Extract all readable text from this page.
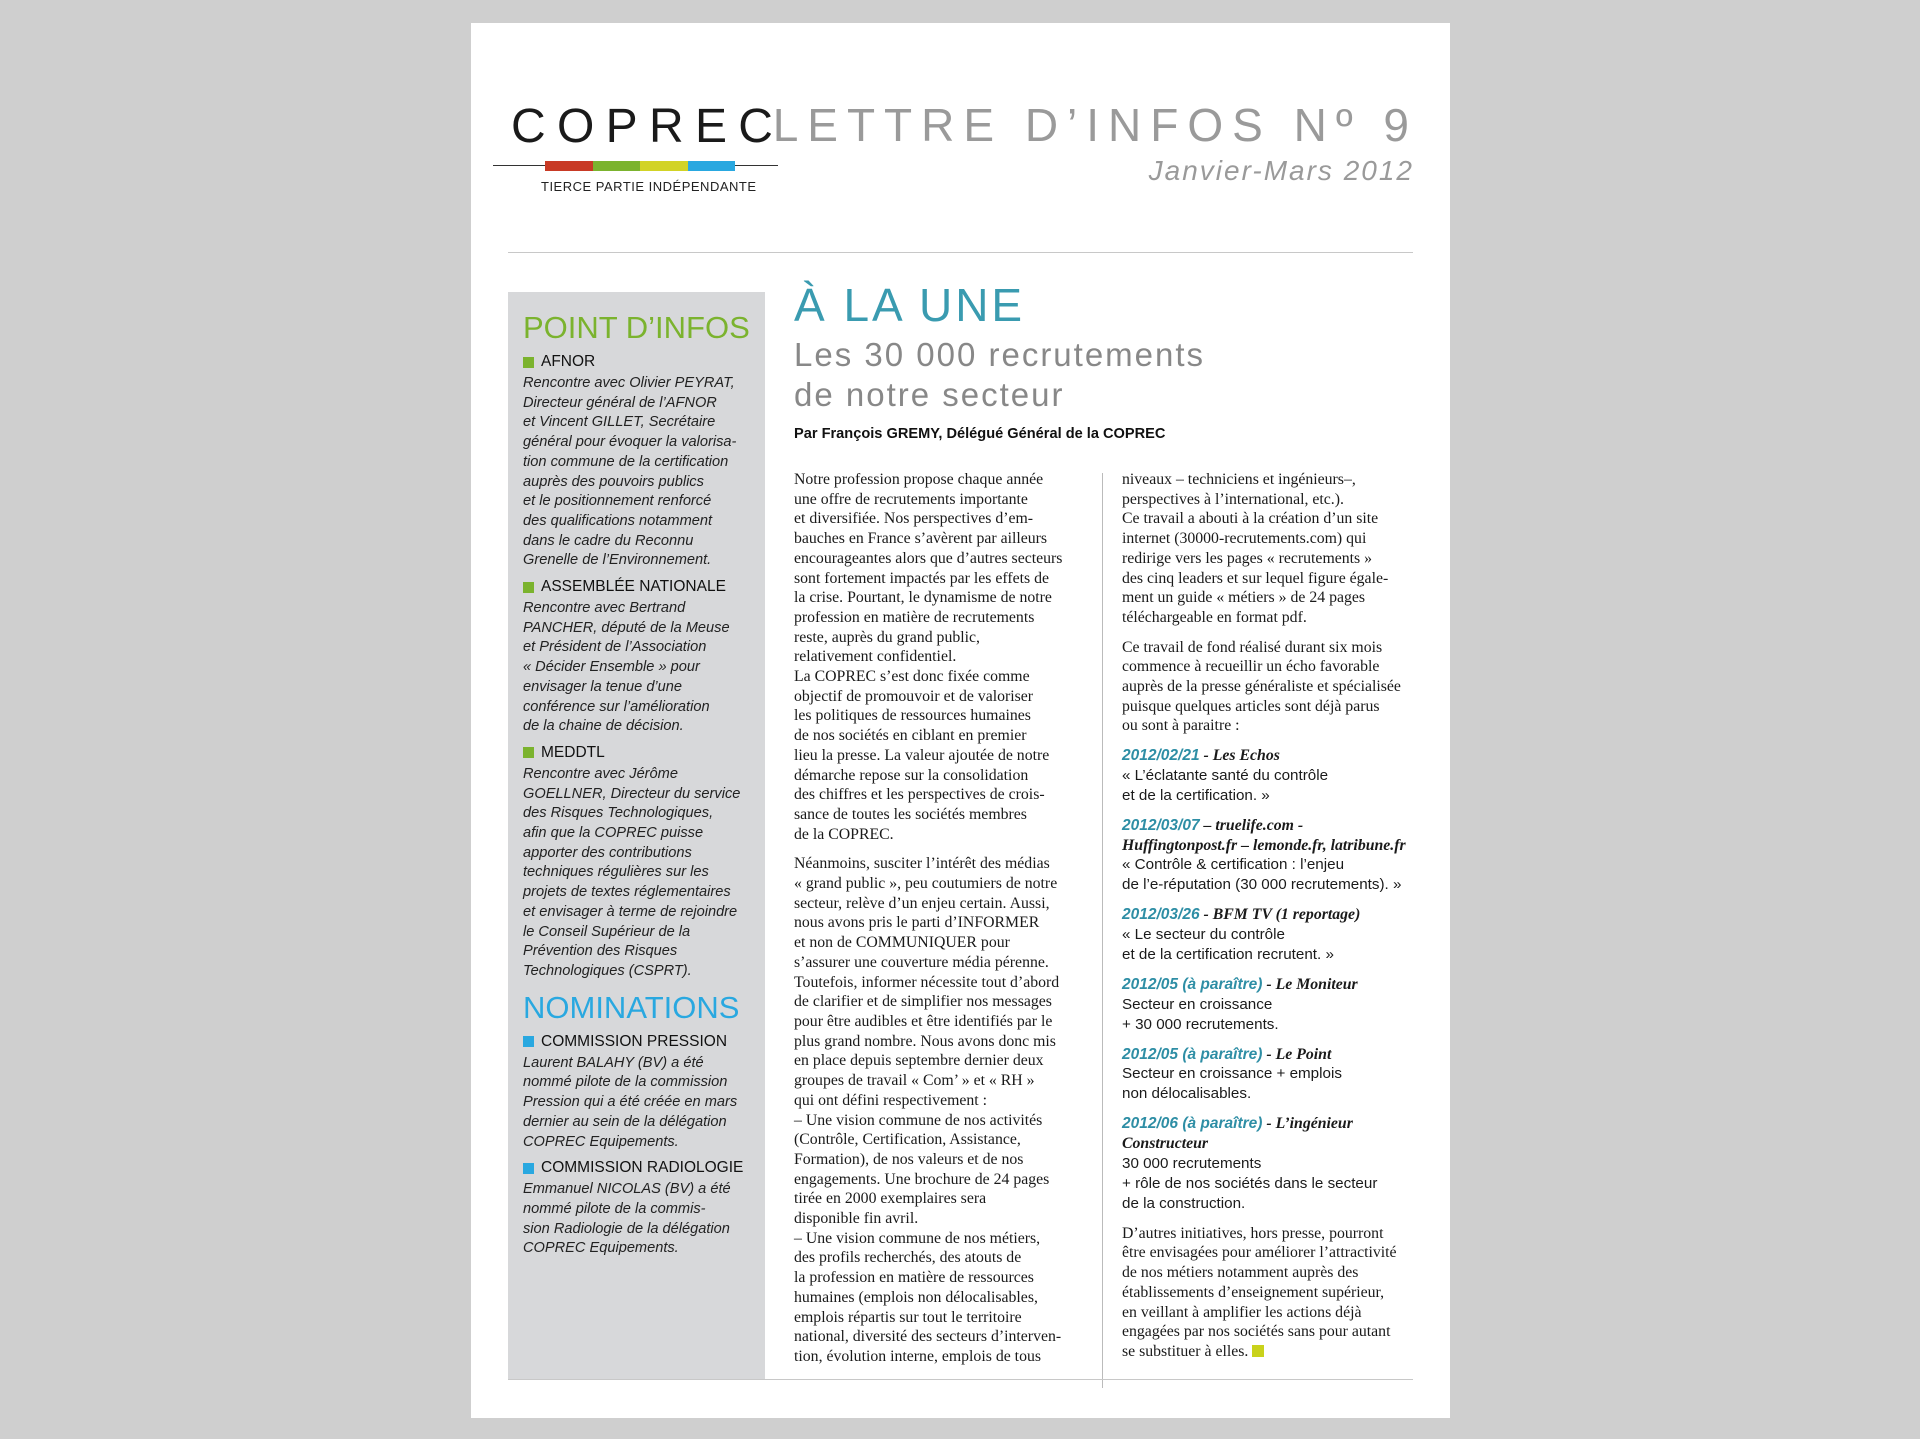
C O P R E C
TIERCE PARTIE INDÉPENDANTE
LETTRE D’INFOS Nº 9
Janvier-Mars 2012
POINT D’INFOS
AFNOR
Rencontre avec Olivier PEYRAT,
Directeur général de l’AFNOR
et Vincent GILLET, Secrétaire
général pour évoquer la valorisa-
tion commune de la certification
auprès des pouvoirs publics
et le positionnement renforcé
des qualifications notamment
dans le cadre du Reconnu
Grenelle de l’Environnement.
ASSEMBLÉE NATIONALE
Rencontre avec Bertrand
PANCHER, député de la Meuse
et Président de l’Association
« Décider Ensemble » pour
envisager la tenue d’une
conférence sur l’amélioration
de la chaine de décision.
MEDDTL
Rencontre avec Jérôme
GOELLNER, Directeur du service
des Risques Technologiques,
afin que la COPREC puisse
apporter des contributions
techniques régulières sur les
projets de textes réglementaires
et envisager à terme de rejoindre
le Conseil Supérieur de la
Prévention des Risques
Technologiques (CSPRT).
NOMINATIONS
COMMISSION PRESSION
Laurent BALAHY (BV) a été
nommé pilote de la commission
Pression qui a été créée en mars
dernier au sein de la délégation
COPREC Equipements.
COMMISSION RADIOLOGIE
Emmanuel NICOLAS (BV) a été
nommé pilote de la commis-
sion Radiologie de la délégation
COPREC Equipements.
À LA UNE
Les 30 000 recrutements
de notre secteur
Par François GREMY, Délégué Général de la COPREC

Notre profession propose chaque année
une offre de recrutements importante
et diversifiée. Nos perspectives d’em-
bauches en France s’avèrent par ailleurs
encourageantes alors que d’autres secteurs
sont fortement impactés par les effets de
la crise. Pourtant, le dynamisme de notre
profession en matière de recrutements
reste, auprès du grand public,
relativement confidentiel.
La COPREC s’est donc fixée comme
objectif de promouvoir et de valoriser
les politiques de ressources humaines
de nos sociétés en ciblant en premier
lieu la presse. La valeur ajoutée de notre
démarche repose sur la consolidation
des chiffres et les perspectives de crois-
sance de toutes les sociétés membres
de la COPREC.

Néanmoins, susciter l’intérêt des médias
« grand public », peu coutumiers de notre
secteur, relève d’un enjeu certain. Aussi,
nous avons pris le parti d’INFORMER
et non de COMMUNIQUER pour
s’assurer une couverture média pérenne.
Toutefois, informer nécessite tout d’abord
de clarifier et de simplifier nos messages
pour être audibles et être identifiés par le
plus grand nombre. Nous avons donc mis
en place depuis septembre dernier deux
groupes de travail « Com’ » et « RH »
qui ont défini respectivement :
– Une vision commune de nos activités
(Contrôle, Certification, Assistance,
Formation), de nos valeurs et de nos
engagements. Une brochure de 24 pages
tirée en 2000 exemplaires sera
disponible fin avril.
– Une vision commune de nos métiers,
des profils recherchés, des atouts de
la profession en matière de ressources
humaines (emplois non délocalisables,
emplois répartis sur tout le territoire
national, diversité des secteurs d’interven-
tion, évolution interne, emplois de tous

niveaux – techniciens et ingénieurs–,
perspectives à l’international, etc.).
Ce travail a abouti à la création d’un site
internet (30000-recrutements.com) qui
redirige vers les pages « recrutements »
des cinq leaders et sur lequel figure égale-
ment un guide « métiers » de 24 pages
téléchargeable en format pdf.

Ce travail de fond réalisé durant six mois
commence à recueillir un écho favorable
auprès de la presse généraliste et spécialisée
puisque quelques articles sont déjà parus
ou sont à paraitre :

2012/02/21 - Les Echos
« L’éclatante santé du contrôle
et de la certification. »
2012/03/07 – truelife.com -
Huffingtonpost.fr – lemonde.fr, latribune.fr
« Contrôle & certification : l’enjeu
de l’e-réputation (30 000 recrutements). »
2012/03/26 - BFM TV (1 reportage)
« Le secteur du contrôle
et de la certification recrutent. »
2012/05 (à paraître) - Le Moniteur
Secteur en croissance
+ 30 000 recrutements.
2012/05 (à paraître) - Le Point
Secteur en croissance + emplois
non délocalisables.
2012/06 (à paraître) - L’ingénieur
Constructeur
30 000 recrutements
+ rôle de nos sociétés dans le secteur
de la construction.

D’autres initiatives, hors presse, pourront
être envisagées pour améliorer l’attractivité
de nos métiers notamment auprès des
établissements d’enseignement supérieur,
en veillant à amplifier les actions déjà
engagées par nos sociétés sans pour autant
se substituer à elles.
